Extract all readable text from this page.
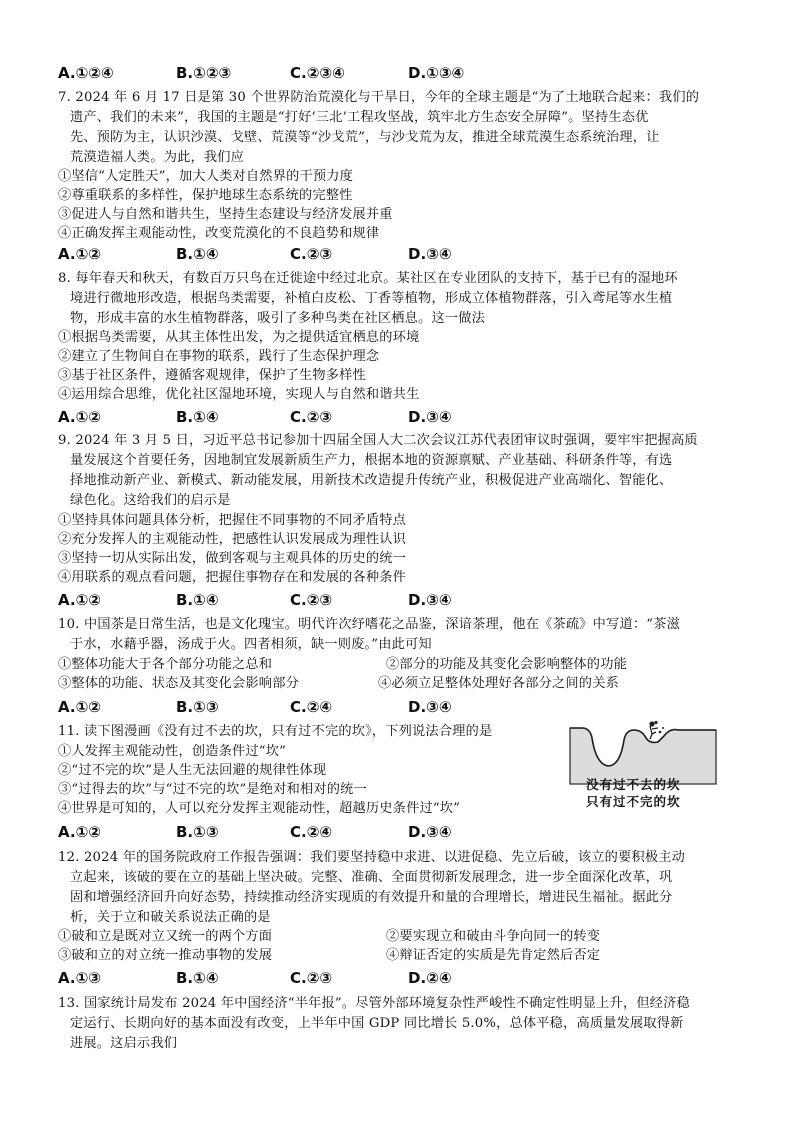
A.①②④	B.①②③	C.②③④	D.①③④
7. 2024 年 6 月 17 日是第 30 个世界防治荒漠化与干旱日，今年的全球主题是“为了土地联合起来：我们的
遗产、我们的未来”，我国的主题是“打好‘三北’工程攻坚战，筑牢北方生态安全屏障”。坚持生态优
先、预防为主，认识沙漠、戈壁、荒漠等“沙戈荒”，与沙戈荒为友，推进全球荒漠生态系统治理，让
荒漠造福人类。为此，我们应
①坚信“人定胜天”，加大人类对自然界的干预力度
②尊重联系的多样性，保护地球生态系统的完整性
③促进人与自然和谐共生，坚持生态建设与经济发展并重
④正确发挥主观能动性，改变荒漠化的不良趋势和规律
A.①②	B.①④	C.②③	D.③④
8. 每年春天和秋天，有数百万只鸟在迁徙途中经过北京。某社区在专业团队的支持下，基于已有的湿地环
境进行微地形改造，根据鸟类需要，补植白皮松、丁香等植物，形成立体植物群落，引入鸢尾等水生植
物，形成丰富的水生植物群落，吸引了多种鸟类在社区栖息。这一做法
①根据鸟类需要，从其主体性出发，为之提供适宜栖息的环境
②建立了生物间自在事物的联系，践行了生态保护理念
③基于社区条件，遵循客观规律，保护了生物多样性
④运用综合思维，优化社区湿地环境，实现人与自然和谐共生
A.①②	B.①④	C.②③	D.③④
9. 2024 年 3 月 5 日，习近平总书记参加十四届全国人大二次会议江苏代表团审议时强调，要牢牢把握高质
量发展这个首要任务，因地制宜发展新质生产力，根据本地的资源禀赋、产业基础、科研条件等，有选
择地推动新产业、新模式、新动能发展，用新技术改造提升传统产业，积极促进产业高端化、智能化、
绿色化。这给我们的启示是
①坚持具体问题具体分析，把握住不同事物的不同矛盾特点
②充分发挥人的主观能动性，把感性认识发展成为理性认识
③坚持一切从实际出发，做到客观与主观具体的历史的统一
④用联系的观点看问题，把握住事物存在和发展的各种条件
A.①②	B.①④	C.②③	D.③④
10. 中国茶是日常生活，也是文化瑰宝。明代许次纾嗜花之品鉴，深谙茶理，他在《茶疏》中写道：“茶滋
于水，水藉乎器，汤成于火。四者相须，缺一则废。”由此可知
①整体功能大于各个部分功能之总和	②部分的功能及其变化会影响整体的功能
③整体的功能、状态及其变化会影响部分	④必须立足整体处理好各部分之间的关系
A.①②	B.①③	C.②④	D.③④
11. 读下图漫画《没有过不去的坎，只有过不完的坎》，下列说法合理的是
①人发挥主观能动性，创造条件过“坎”
②“过不完的坎”是人生无法回避的规律性体现
③“过得去的坎”与“过不完的坎”是绝对和相对的统一
④世界是可知的，人可以充分发挥主观能动性，超越历史条件过“坎”
没有过不去的坎
只有过不完的坎
A.①②	B.①③	C.②④	D.③④
12. 2024 年的国务院政府工作报告强调：我们要坚持稳中求进、以进促稳、先立后破，该立的要积极主动
立起来，该破的要在立的基础上坚决破。完整、准确、全面贯彻新发展理念，进一步全面深化改革，巩
固和增强经济回升向好态势，持续推动经济实现质的有效提升和量的合理增长，增进民生福祉。据此分
析，关于立和破关系说法正确的是
①破和立是既对立又统一的两个方面	②要实现立和破由斗争向同一的转变
③破和立的对立统一推动事物的发展	④辩证否定的实质是先肯定然后否定
A.①③	B.①④	C.②③	D.②④
13. 国家统计局发布 2024 年中国经济“半年报”。尽管外部环境复杂性严峻性不确定性明显上升，但经济稳
定运行、长期向好的基本面没有改变，上半年中国 GDP 同比增长 5.0%，总体平稳，高质量发展取得新
进展。这启示我们
